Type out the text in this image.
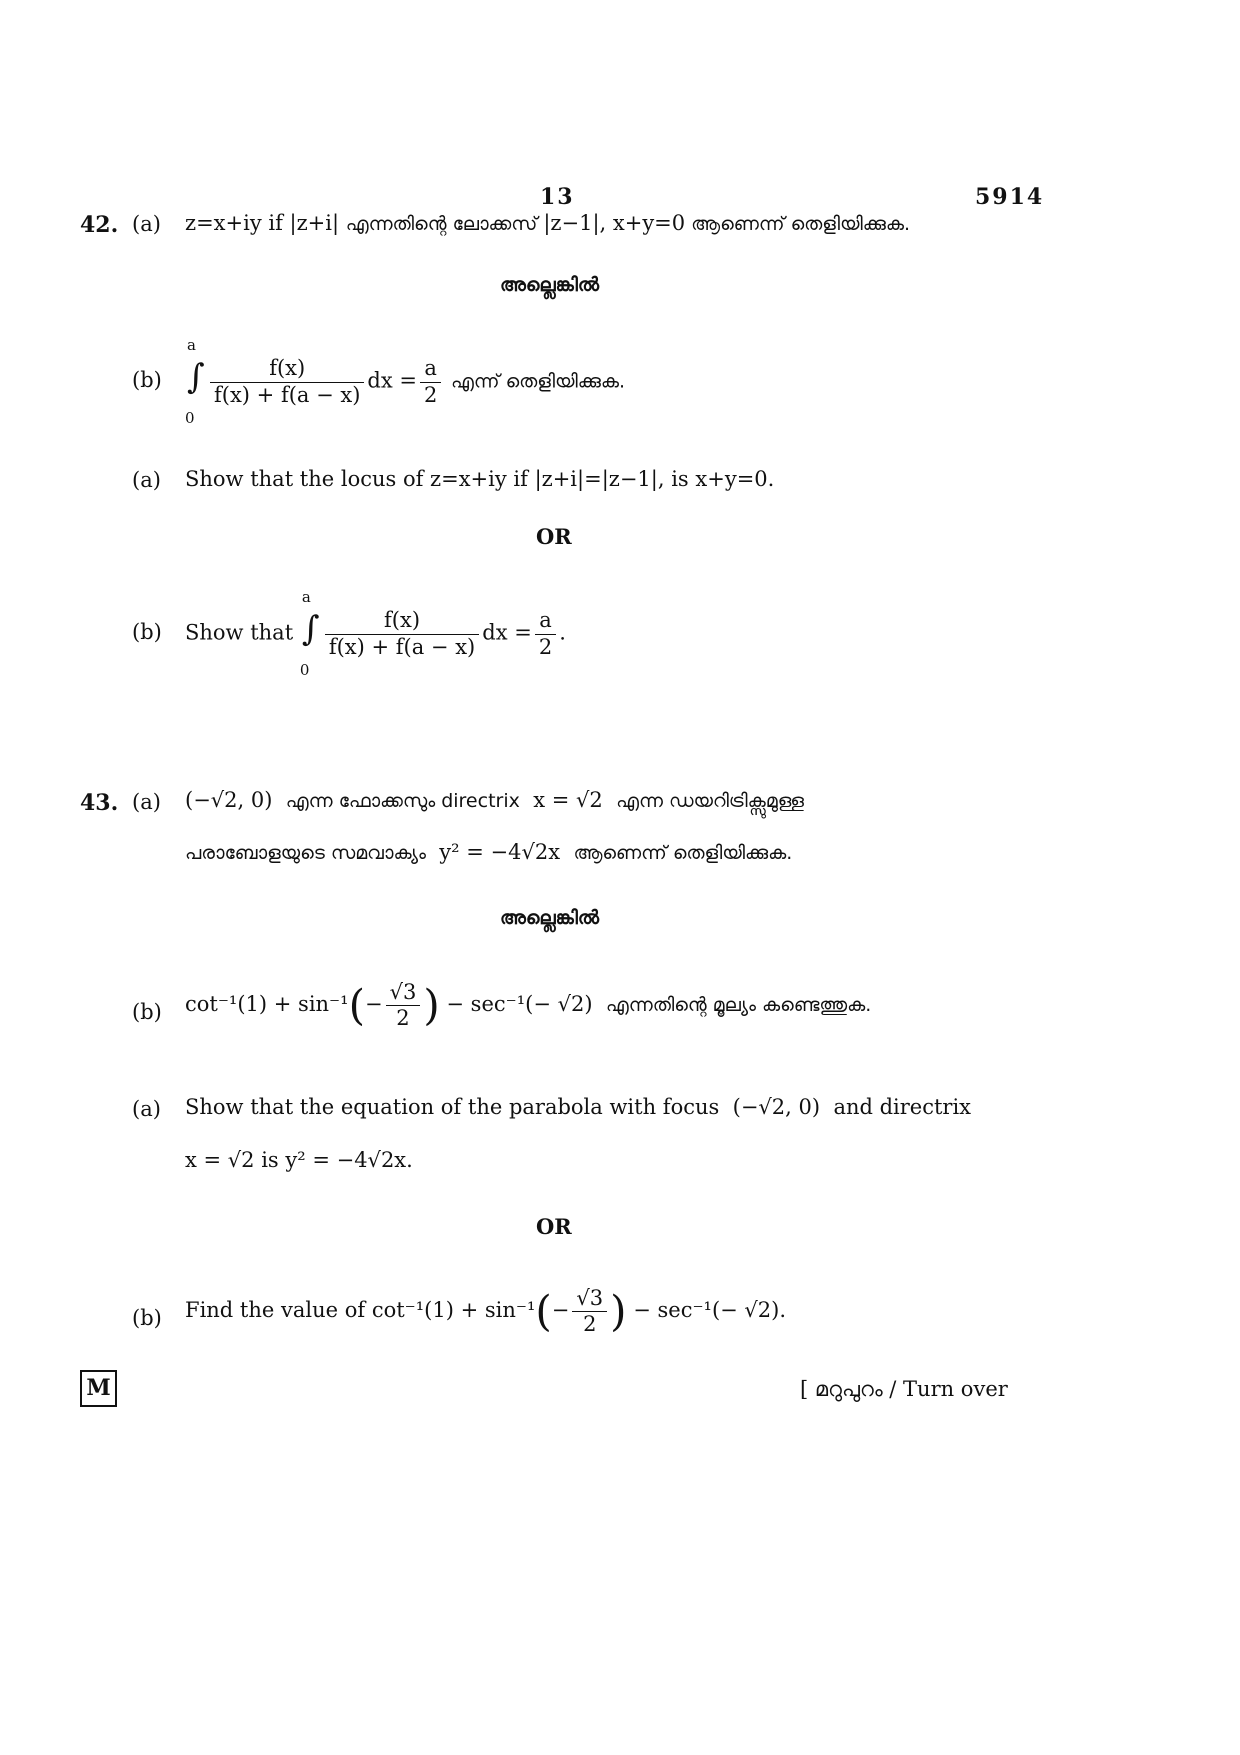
13	5914
42. (a) z=x+iy if |z+i| എന്നതിന്റെ ലോക്കസ് |z−1|, x+y=0 ആണെന്ന് തെളിയിക്കുക.
അല്ലെങ്കിൽ
(b)
a
∫
0
$\frac{f(x)}{f(x) + f(a - x)}$ dx = $\frac{a}{2}$ എന്ന് തെളിയിക്കുക.
(a) Show that the locus of z=x+iy if |z+i|=|z−1|, is x+y=0.
OR
(b) Show that
a
∫
0
$\frac{f(x)}{f(x) + f(a - x)}$ dx = $\frac{a}{2}$ .
43. (a) (−√2, 0) എന്ന ഫോക്കസും directrix x = √2 എന്ന ഡയറിട്രിക്സുമുള്ള
പരാബോളയുടെ സമവാക്യം y² = −4√2x ആണെന്ന് തെളിയിക്കുക.
അല്ലെങ്കിൽ
(b) $\cot^{-1}(1) + \sin^{-1}(- \frac{√3}{2}$ ) − sec⁻¹(− √2) എന്നതിന്റെ മൂല്യം കണ്ടെത്തുക.
(a) Show that the equation of the parabola with focus (−√2, 0) and directrix
x = √2 is y² = −4√2x.
OR
(b) Find the value of $\cot^{-1}(1) + \sin^{-1}(- \frac{√3}{2}$ ) − sec⁻¹(− √2).
M	[ മറുപുറം / Turn over
